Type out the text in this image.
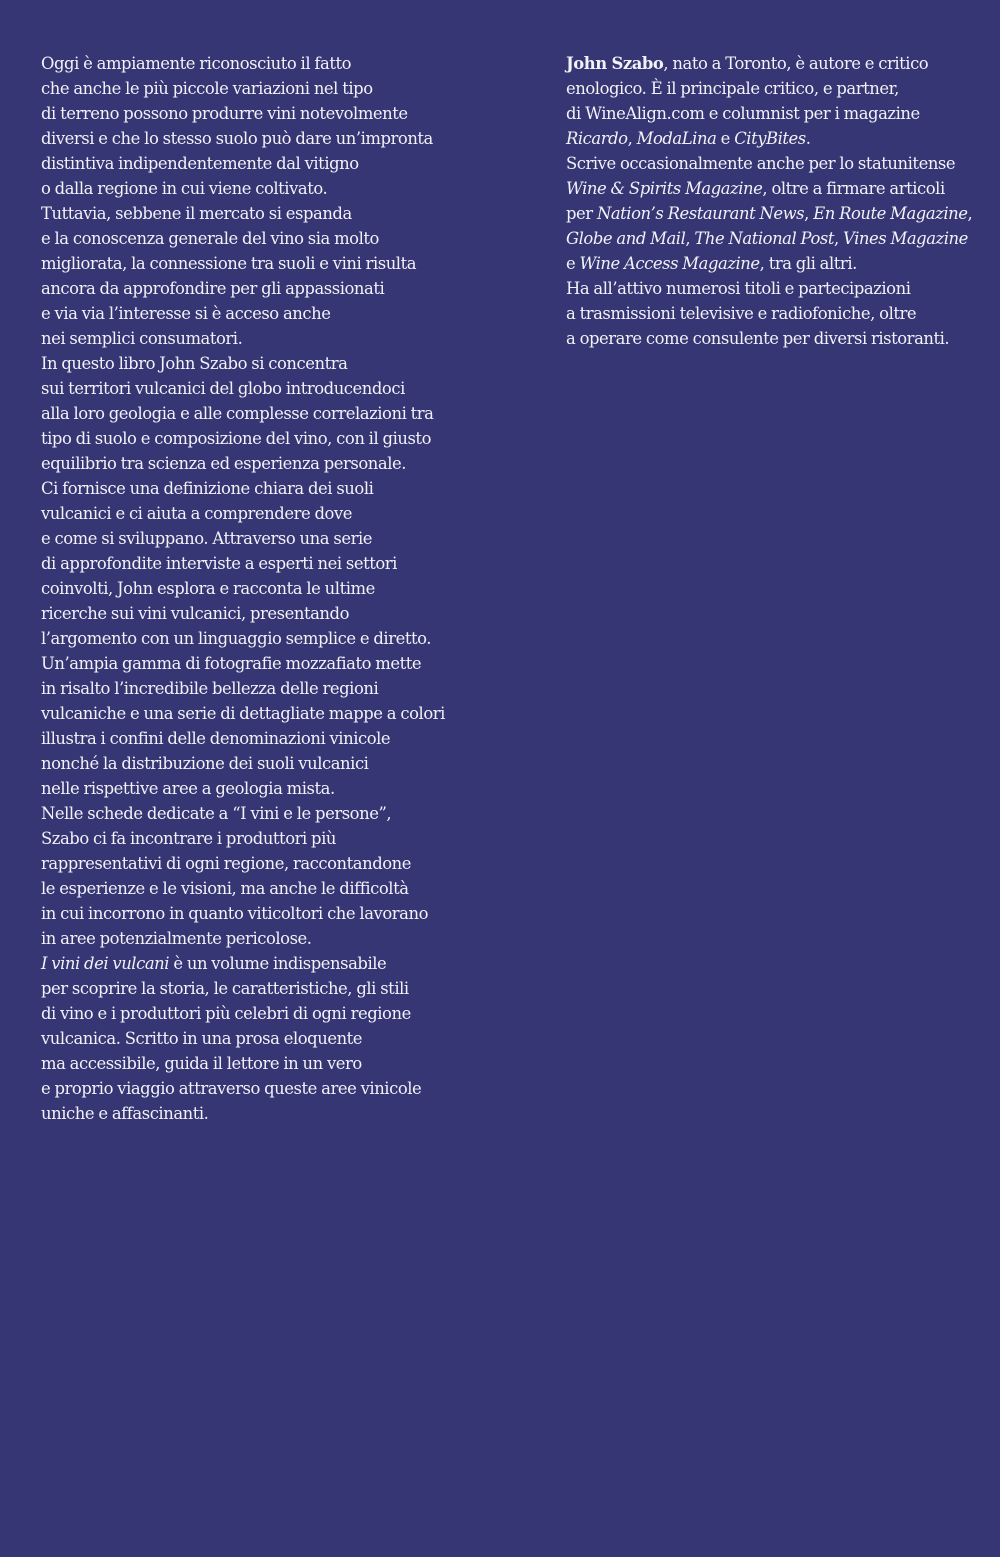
Oggi è ampiamente riconosciuto il fatto
che anche le più piccole variazioni nel tipo
di terreno possono produrre vini notevolmente
diversi e che lo stesso suolo può dare un’impronta
distintiva indipendentemente dal vitigno
o dalla regione in cui viene coltivato.
Tuttavia, sebbene il mercato si espanda
e la conoscenza generale del vino sia molto
migliorata, la connessione tra suoli e vini risulta
ancora da approfondire per gli appassionati
e via via l’interesse si è acceso anche
nei semplici consumatori.
In questo libro John Szabo si concentra
sui territori vulcanici del globo introducendoci
alla loro geologia e alle complesse correlazioni tra
tipo di suolo e composizione del vino, con il giusto
equilibrio tra scienza ed esperienza personale.
Ci fornisce una definizione chiara dei suoli
vulcanici e ci aiuta a comprendere dove
e come si sviluppano. Attraverso una serie
di approfondite interviste a esperti nei settori
coinvolti, John esplora e racconta le ultime
ricerche sui vini vulcanici, presentando
l’argomento con un linguaggio semplice e diretto.
Un’ampia gamma di fotografie mozzafiato mette
in risalto l’incredibile bellezza delle regioni
vulcaniche e una serie di dettagliate mappe a colori
illustra i confini delle denominazioni vinicole
nonché la distribuzione dei suoli vulcanici
nelle rispettive aree a geologia mista.
Nelle schede dedicate a “I vini e le persone”,
Szabo ci fa incontrare i produttori più
rappresentativi di ogni regione, raccontandone
le esperienze e le visioni, ma anche le difficoltà
in cui incorrono in quanto viticoltori che lavorano
in aree potenzialmente pericolose.
I vini dei vulcani è un volume indispensabile
per scoprire la storia, le caratteristiche, gli stili
di vino e i produttori più celebri di ogni regione
vulcanica. Scritto in una prosa eloquente
ma accessibile, guida il lettore in un vero
e proprio viaggio attraverso queste aree vinicole
uniche e affascinanti.
John Szabo, nato a Toronto, è autore e critico
enologico. È il principale critico, e partner,
di WineAlign.com e columnist per i magazine
Ricardo, ModaLina e CityBites.
Scrive occasionalmente anche per lo statunitense
Wine & Spirits Magazine, oltre a firmare articoli
per Nation’s Restaurant News, En Route Magazine,
Globe and Mail, The National Post, Vines Magazine
e Wine Access Magazine, tra gli altri.
Ha all’attivo numerosi titoli e partecipazioni
a trasmissioni televisive e radiofoniche, oltre
a operare come consulente per diversi ristoranti.
